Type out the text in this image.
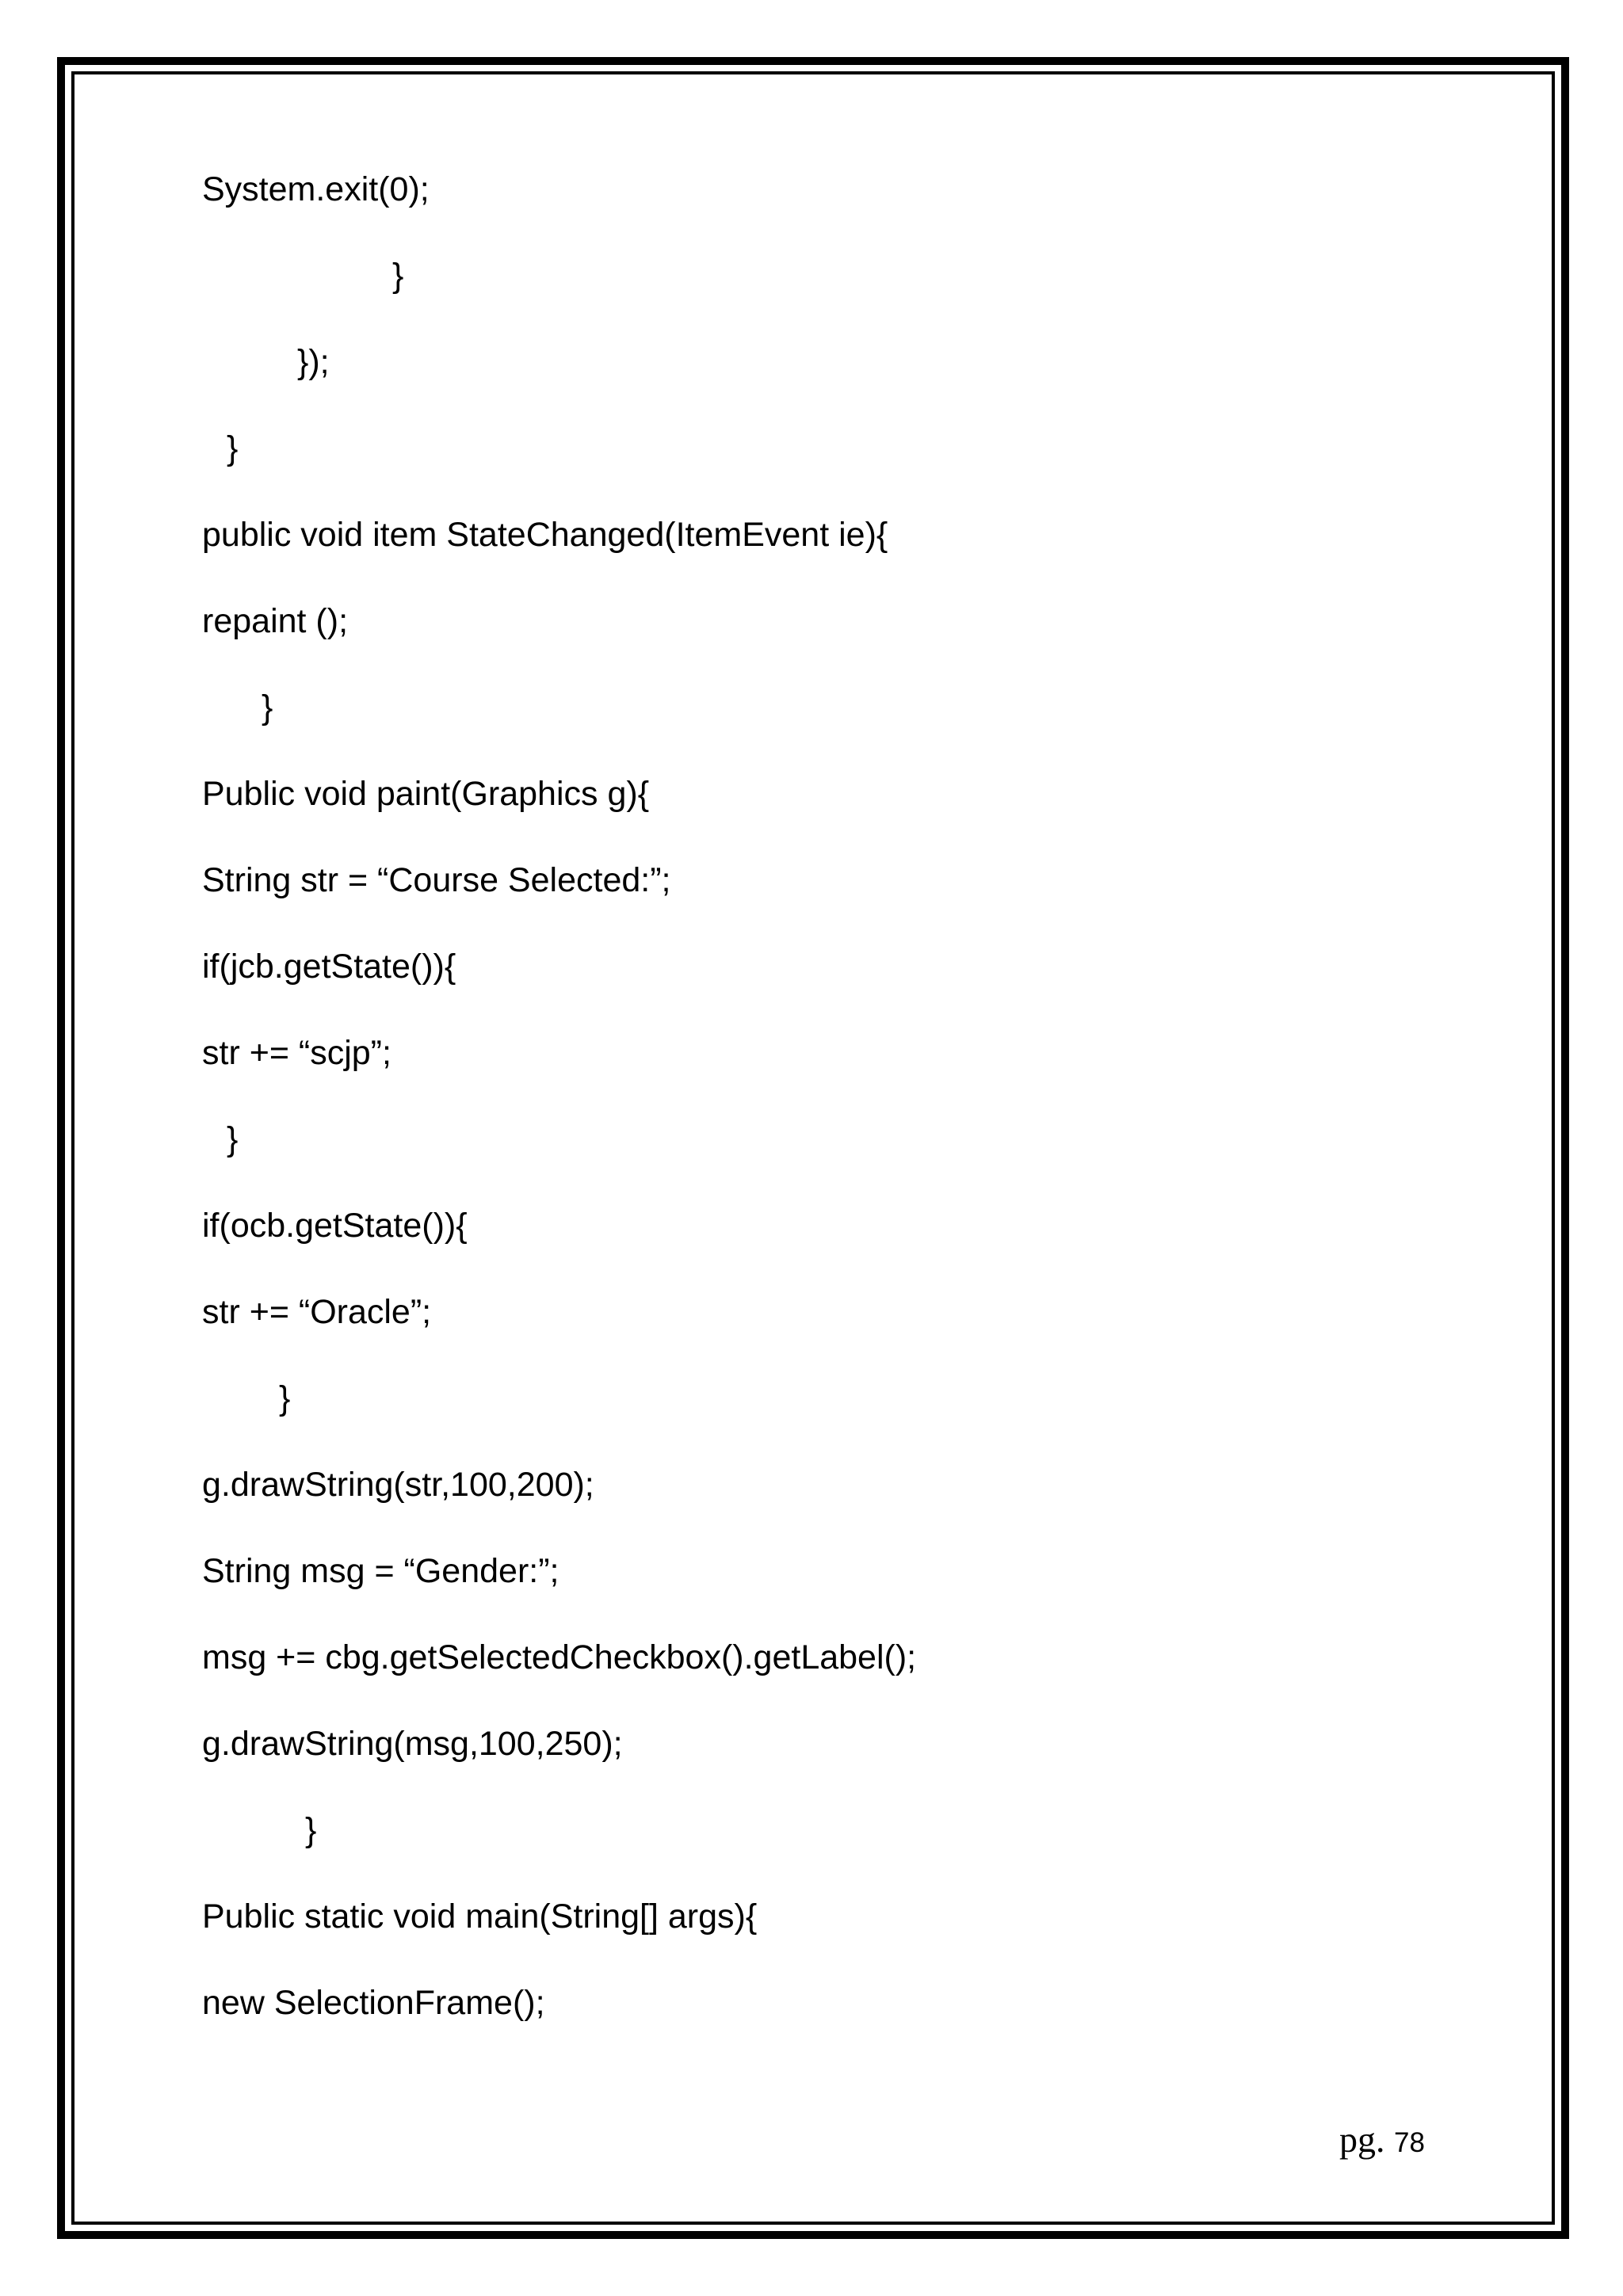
System.exit(0);
}
});
}
public void item StateChanged(ItemEvent ie){
repaint ();
}
Public void paint(Graphics g){
String str = “Course Selected:”;
if(jcb.getState()){
str += “scjp”;
}
if(ocb.getState()){
str += “Oracle”;
}
g.drawString(str,100,200);
String msg = “Gender:”;
msg += cbg.getSelectedCheckbox().getLabel();
g.drawString(msg,100,250);
}
Public static void main(String[] args){
new SelectionFrame();
pg. 78
